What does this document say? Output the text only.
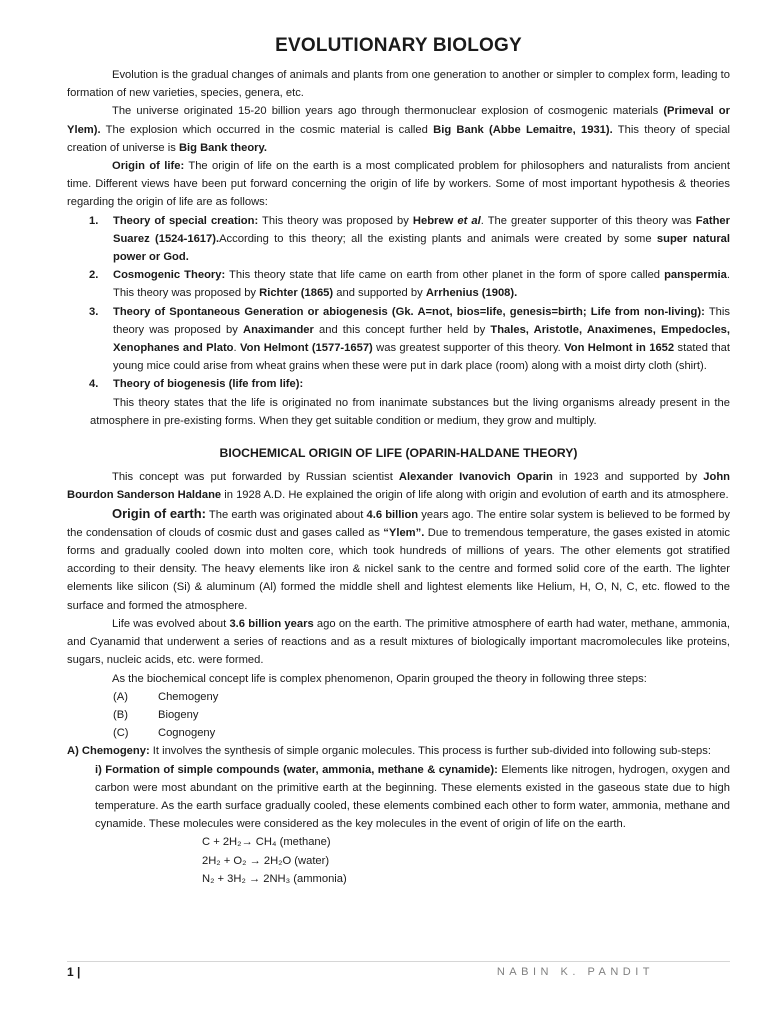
EVOLUTIONARY BIOLOGY

Evolution is the gradual changes of animals and plants from one generation to another or simpler to complex form, leading to formation of new varieties, species, genera, etc.

The universe originated 15-20 billion years ago through thermonuclear explosion of cosmogenic materials (Primeval or Ylem). The explosion which occurred in the cosmic material is called Big Bank (Abbe Lemaitre, 1931). This theory of special creation of universe is Big Bank theory.

Origin of life: The origin of life on the earth is a most complicated problem for philosophers and naturalists from ancient time. Different views have been put forward concerning the origin of life by workers. Some of most important hypothesis & theories regarding the origin of life are as follows:

1. Theory of special creation: This theory was proposed by Hebrew et al. The greater supporter of this theory was Father Suarez (1524-1617).According to this theory; all the existing plants and animals were created by some super natural power or God.
2. Cosmogenic Theory: This theory state that life came on earth from other planet in the form of spore called panspermia. This theory was proposed by Richter (1865) and supported by Arrhenius (1908).
3. Theory of Spontaneous Generation or abiogenesis (Gk. A=not, bios=life, genesis=birth; Life from non-living): This theory was proposed by Anaximander and this concept further held by Thales, Aristotle, Anaximenes, Empedocles, Xenophanes and Plato. Von Helmont (1577-1657) was greatest supporter of this theory. Von Helmont in 1652 stated that young mice could arise from wheat grains when these were put in dark place (room) along with a moist dirty cloth (shirt).
4. Theory of biogenesis (life from life):

This theory states that the life is originated no from inanimate substances but the living organisms already present in the atmosphere in pre-existing forms. When they get suitable condition or medium, they grow and multiply.

BIOCHEMICAL ORIGIN OF LIFE (OPARIN-HALDANE THEORY)

This concept was put forwarded by Russian scientist Alexander Ivanovich Oparin in 1923 and supported by John Bourdon Sanderson Haldane in 1928 A.D. He explained the origin of life along with origin and evolution of earth and its atmosphere.

Origin of earth: The earth was originated about 4.6 billion years ago. The entire solar system is believed to be formed by the condensation of clouds of cosmic dust and gases called as “Ylem”. Due to tremendous temperature, the gases existed in atomic forms and gradually cooled down into molten core, which took hundreds of millions of years. The other elements got stratified according to their density. The heavy elements like iron & nickel sank to the centre and formed solid core of the earth. The lighter elements like silicon (Si) & aluminum (Al) formed the middle shell and lightest elements like Helium, H, O, N, C, etc. flowed to the surface and formed the atmosphere.

Life was evolved about 3.6 billion years ago on the earth. The primitive atmosphere of earth had water, methane, ammonia, and Cyanamid that underwent a series of reactions and as a result mixtures of biologically important macromolecules like proteins, sugars, nucleic acids, etc. were formed.

As the biochemical concept life is complex phenomenon, Oparin grouped the theory in following three steps:

(A)	Chemogeny
(B)	Biogeny
(C)	Cognogeny

A) Chemogeny: It involves the synthesis of simple organic molecules. This process is further sub-divided into following sub-steps:

i) Formation of simple compounds (water, ammonia, methane & cynamide): Elements like nitrogen, hydrogen, oxygen and carbon were most abundant on the primitive earth at the beginning. These elements existed in the gaseous state due to high temperature. As the earth surface gradually cooled, these elements combined each other to form water, ammonia, methane and cynamide. These molecules were considered as the key molecules in the event of origin of life on the earth.

C + 2H₂→ CH₄ (methane)
2H₂ + O₂ → 2H₂O (water)
N₂ + 3H₂ → 2NH₃ (ammonia)
1 |	NABIN K. PANDIT
